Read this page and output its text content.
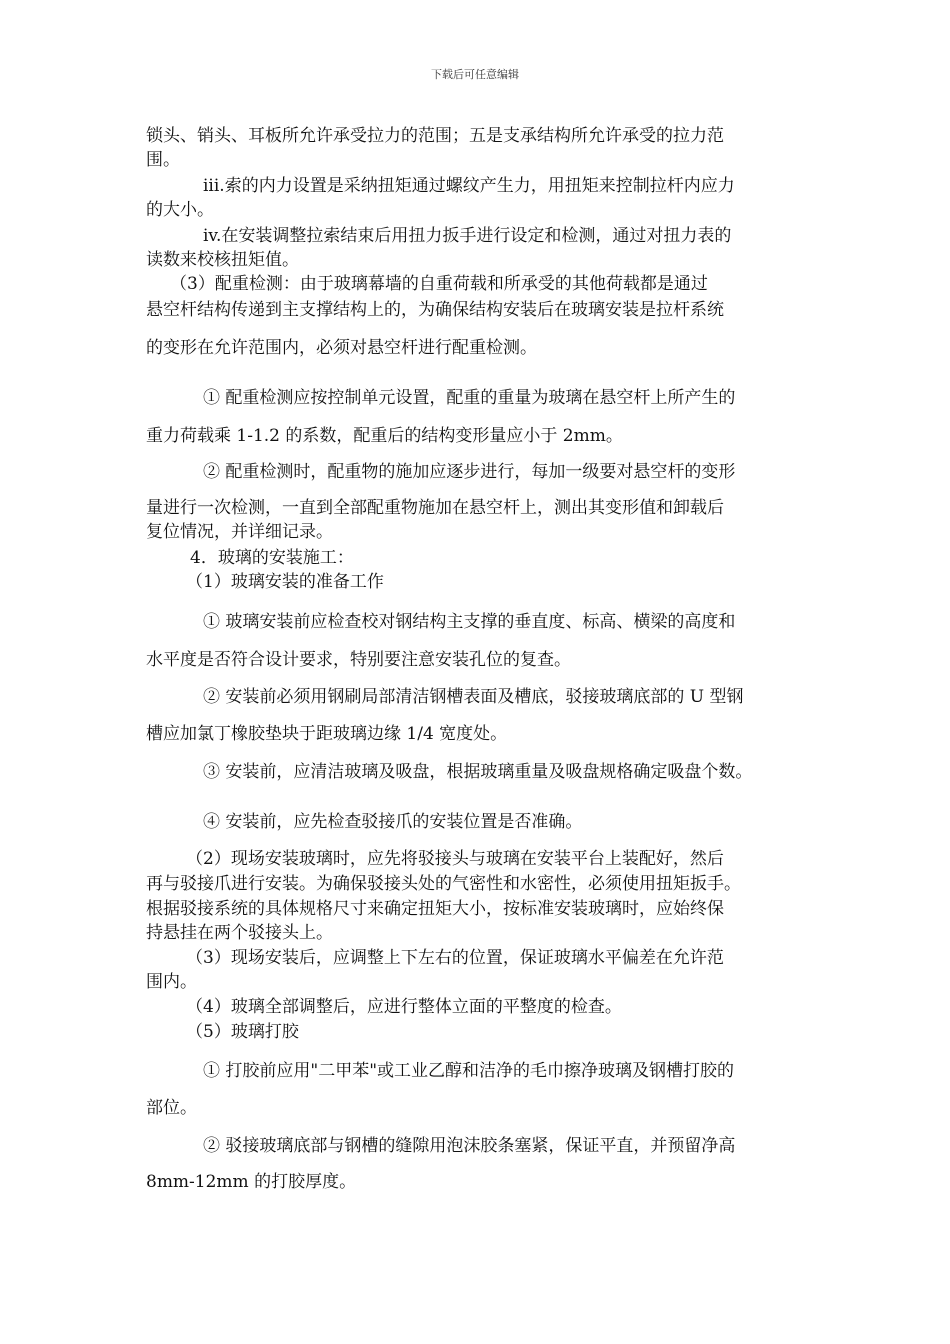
下载后可任意编辑
锁头、销头、耳板所允许承受拉力的范围；五是支承结构所允许承受的拉力范
围。
iii.索的内力设置是采纳扭矩通过螺纹产生力，用扭矩来控制拉杆内应力
的大小。
iv.在安装调整拉索结束后用扭力扳手进行设定和检测，通过对扭力表的
读数来校核扭矩值。
（3）配重检测：由于玻璃幕墙的自重荷载和所承受的其他荷载都是通过
悬空杆结构传递到主支撑结构上的，为确保结构安装后在玻璃安装是拉杆系统
的变形在允许范围内，必须对悬空杆进行配重检测。
① 配重检测应按控制单元设置，配重的重量为玻璃在悬空杆上所产生的
重力荷载乘 1-1.2 的系数，配重后的结构变形量应小于 2mm。
② 配重检测时，配重物的施加应逐步进行，每加一级要对悬空杆的变形
量进行一次检测，一直到全部配重物施加在悬空杆上，测出其变形值和卸载后
复位情况，并详细记录。
4．玻璃的安装施工：
（1）玻璃安装的准备工作
① 玻璃安装前应检查校对钢结构主支撑的垂直度、标高、横梁的高度和
水平度是否符合设计要求，特别要注意安装孔位的复查。
② 安装前必须用钢刷局部清洁钢槽表面及槽底，驳接玻璃底部的 U 型钢
槽应加氯丁橡胶垫块于距玻璃边缘 1/4 宽度处。
③ 安装前，应清洁玻璃及吸盘，根据玻璃重量及吸盘规格确定吸盘个数。
④ 安装前，应先检查驳接爪的安装位置是否准确。
（2）现场安装玻璃时，应先将驳接头与玻璃在安装平台上装配好，然后
再与驳接爪进行安装。为确保驳接头处的气密性和水密性，必须使用扭矩扳手。
根据驳接系统的具体规格尺寸来确定扭矩大小，按标准安装玻璃时，应始终保
持悬挂在两个驳接头上。
（3）现场安装后，应调整上下左右的位置，保证玻璃水平偏差在允许范
围内。
（4）玻璃全部调整后，应进行整体立面的平整度的检查。
（5）玻璃打胶
① 打胶前应用"二甲苯"或工业乙醇和洁净的毛巾擦净玻璃及钢槽打胶的
部位。
② 驳接玻璃底部与钢槽的缝隙用泡沫胶条塞紧，保证平直，并预留净高
8mm-12mm 的打胶厚度。
